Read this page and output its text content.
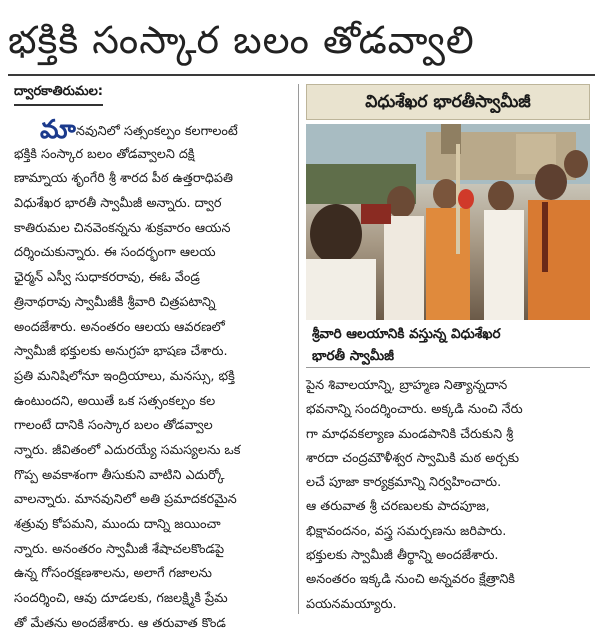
భక్తికి సంస్కార బలం తోడవ్వాలి
ద్వారకాతిరుమల:
మానవునిలో సత్సంకల్పం కలగాలంటే
భక్తికి సంస్కార బలం తోడవ్వాలని దక్షి
ణామ్నాయ శృంగేరి శ్రీ శారద పీఠ ఉత్తరాధిపతి
విధుశేఖర భారతీ స్వామీజీ అన్నారు. ద్వార
కాతిరుమల చినవెంకన్నను శుక్రవారం ఆయన
దర్శించుకున్నారు. ఈ సందర్భంగా ఆలయ
ఛైర్మన్ ఎస్వీ సుధాకరరావు, ఈఓ వేండ్ర
త్రినాథరావు స్వామీజీకి శ్రీవారి చిత్రపటాన్ని
అందజేశారు. అనంతరం ఆలయ ఆవరణలో
స్వామీజీ భక్తులకు అనుగ్రహ భాషణ చేశారు.
ప్రతి మనిషిలోనూ ఇంద్రియాలు, మనస్సు, భక్తి
ఉంటుందని, అయితే ఒక సత్సంకల్పం కల
గాలంటే దానికి సంస్కార బలం తోడవ్వాల
న్నారు. జీవితంలో ఎదురయ్యే సమస్యలను ఒక
గొప్ప అవకాశంగా తీసుకుని వాటిని ఎదుర్కో
వాలన్నారు. మానవునిలో అతి ప్రమాదకరమైన
శత్రువు కోపమని, ముందు దాన్ని జయించా
న్నారు. అనంతరం స్వామీజీ శేషాచలకొండపై
ఉన్న గోసంరక్షణశాలను, అలాగే గజాలను
సందర్శించి, ఆవు దూడలకు, గజలక్ష్మికి ప్రేమ
తో మేతను అందజేశారు. ఆ తరువాత కొండ
విధుశేఖర భారతీస్వామీజీ
శ్రీవారి ఆలయానికి వస్తున్న విధుశేఖర
భారతీ స్వామీజీ
పైన శివాలయాన్ని, బ్రాహ్మణ నిత్యాన్నదాన
భవనాన్ని సందర్శించారు. అక్కడి నుంచి నేరు
గా మాధవకల్యాణ మండపానికి చేరుకుని శ్రీ
శారదా చంద్రమౌళీశ్వర స్వామికి మఠ అర్చకు
లచే పూజా కార్యక్రమాన్ని నిర్వహించారు.
ఆ తరువాత శ్రీ చరణులకు పాదపూజ,
భిక్షావందనం, వస్త్ర సమర్పణను జరిపారు.
భక్తులకు స్వామీజీ తీర్థాన్ని అందజేశారు.
అనంతరం ఇక్కడి నుంచి అన్నవరం క్షేత్రానికి
పయనమయ్యారు.
